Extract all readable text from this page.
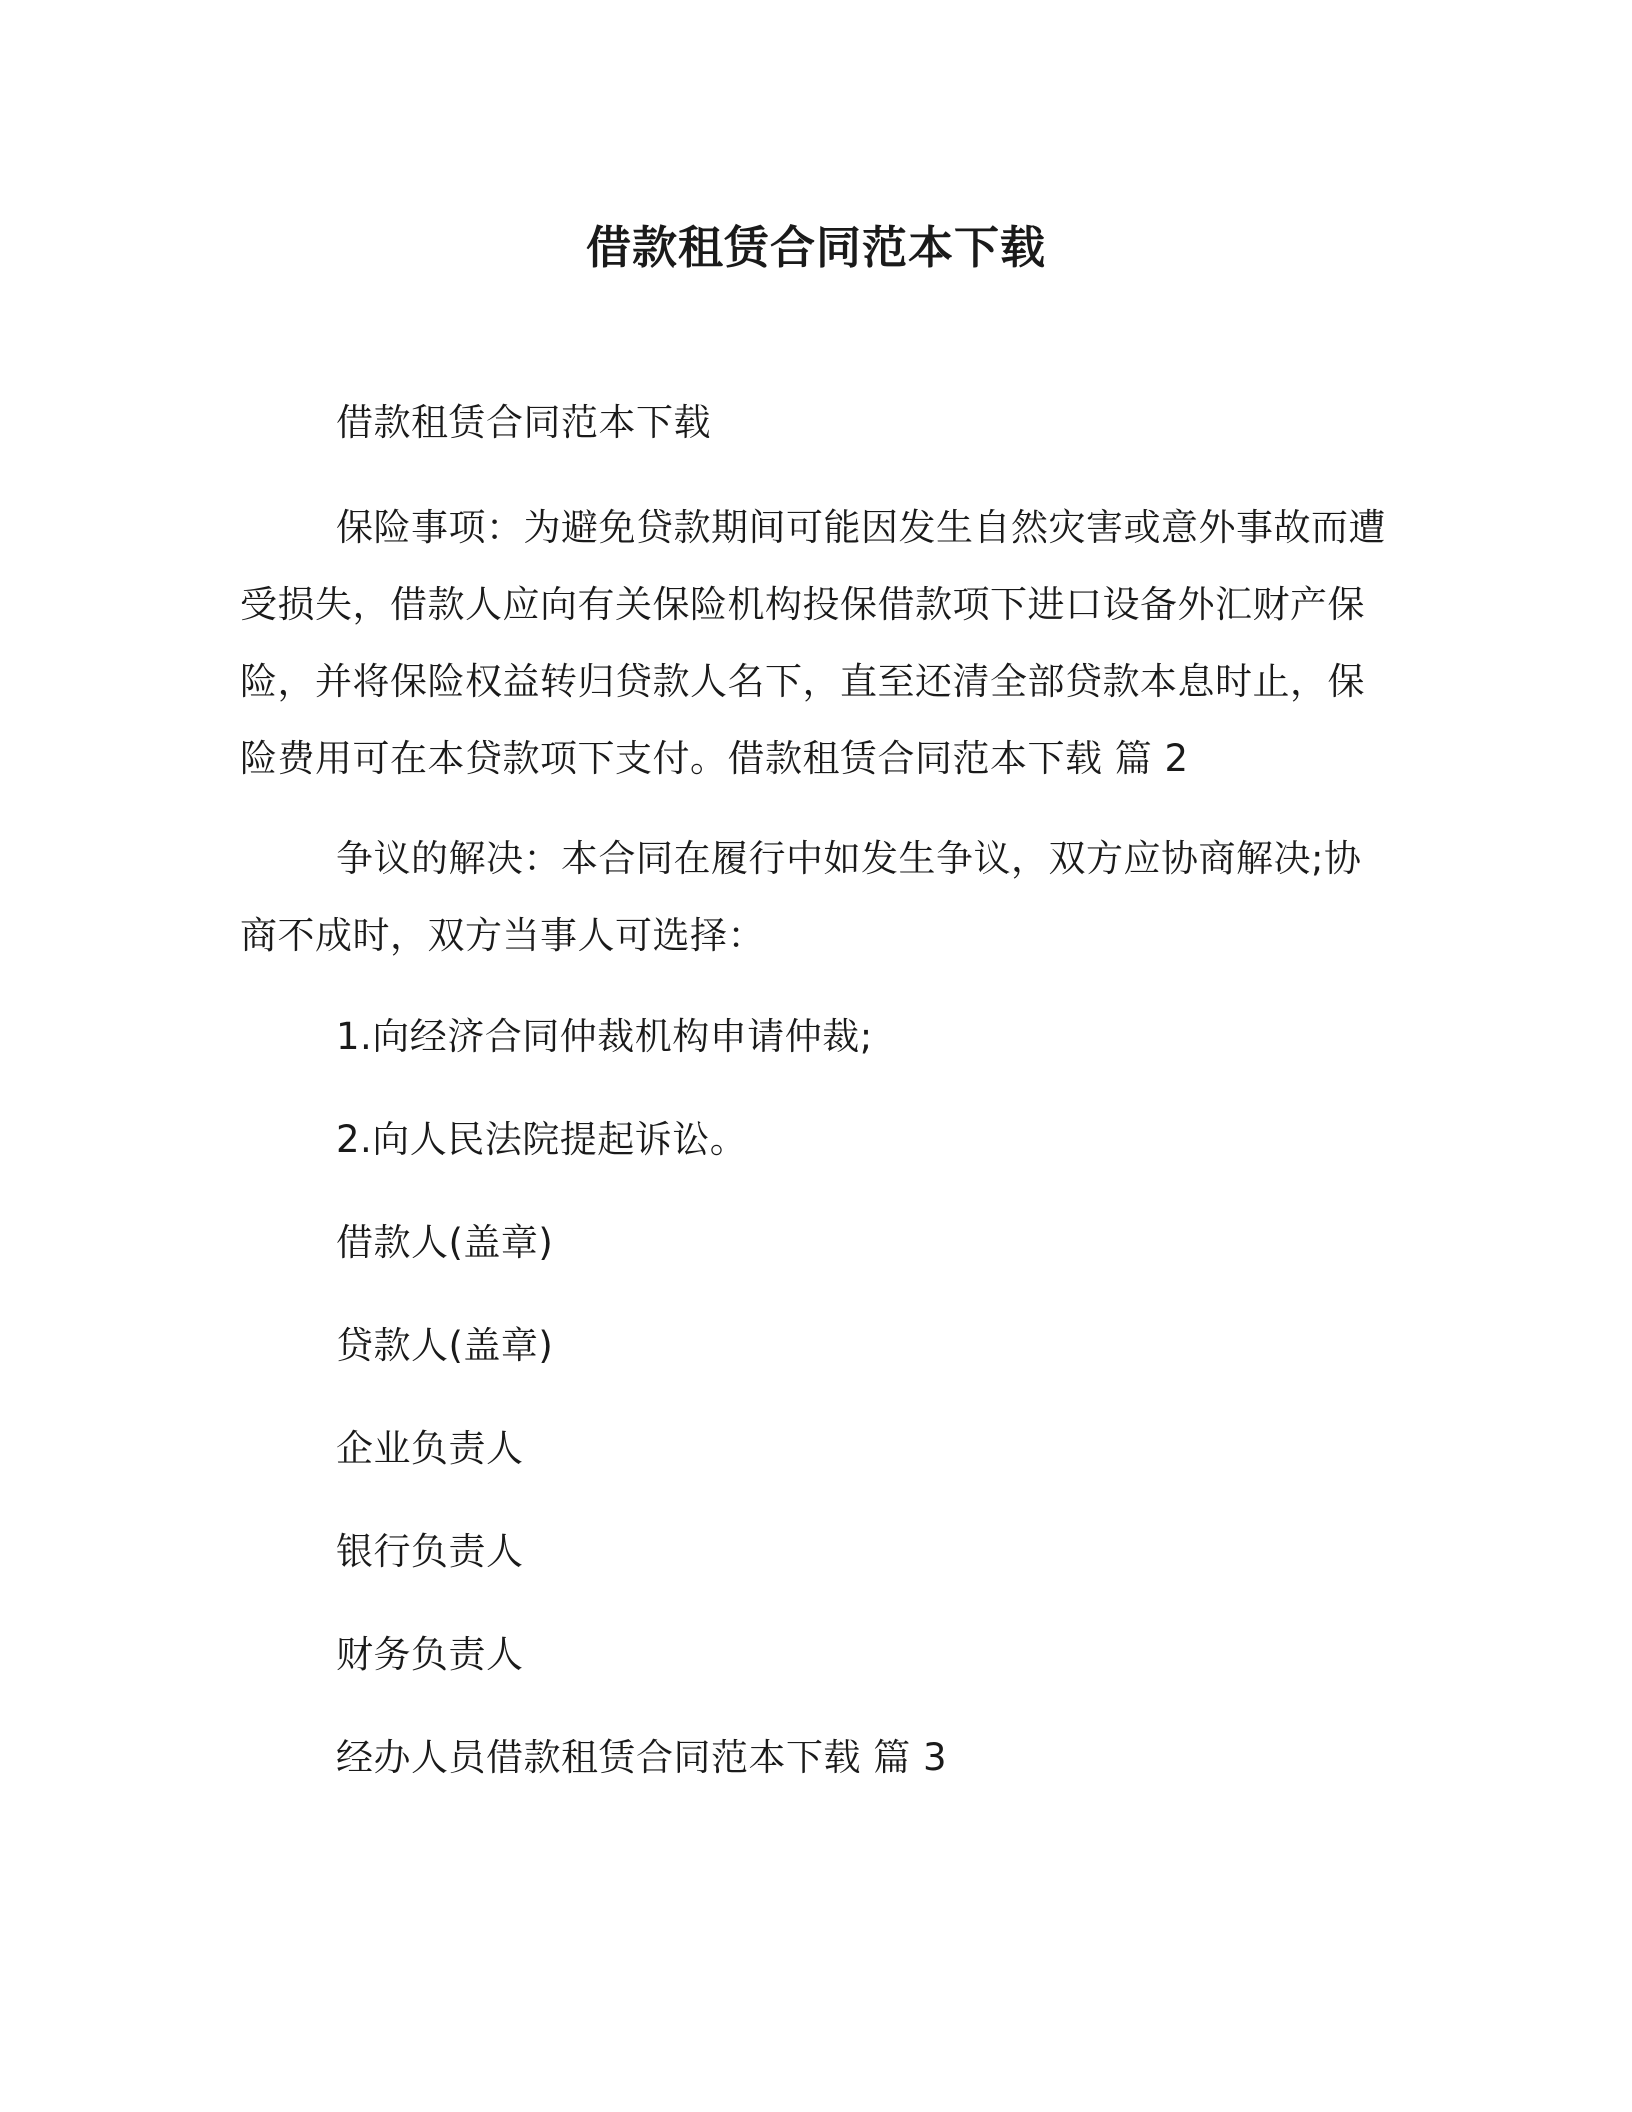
借款租赁合同范本下载
借款租赁合同范本下载
保险事项：为避免贷款期间可能因发生自然灾害或意外事故而遭受损失，借款人应向有关保险机构投保借款项下进口设备外汇财产保险，并将保险权益转归贷款人名下，直至还清全部贷款本息时止，保险费用可在本贷款项下支付。借款租赁合同范本下载 篇 2
争议的解决：本合同在履行中如发生争议，双方应协商解决;协商不成时，双方当事人可选择：
1.向经济合同仲裁机构申请仲裁;
2.向人民法院提起诉讼。
借款人(盖章)
贷款人(盖章)
企业负责人
银行负责人
财务负责人
经办人员借款租赁合同范本下载 篇 3
